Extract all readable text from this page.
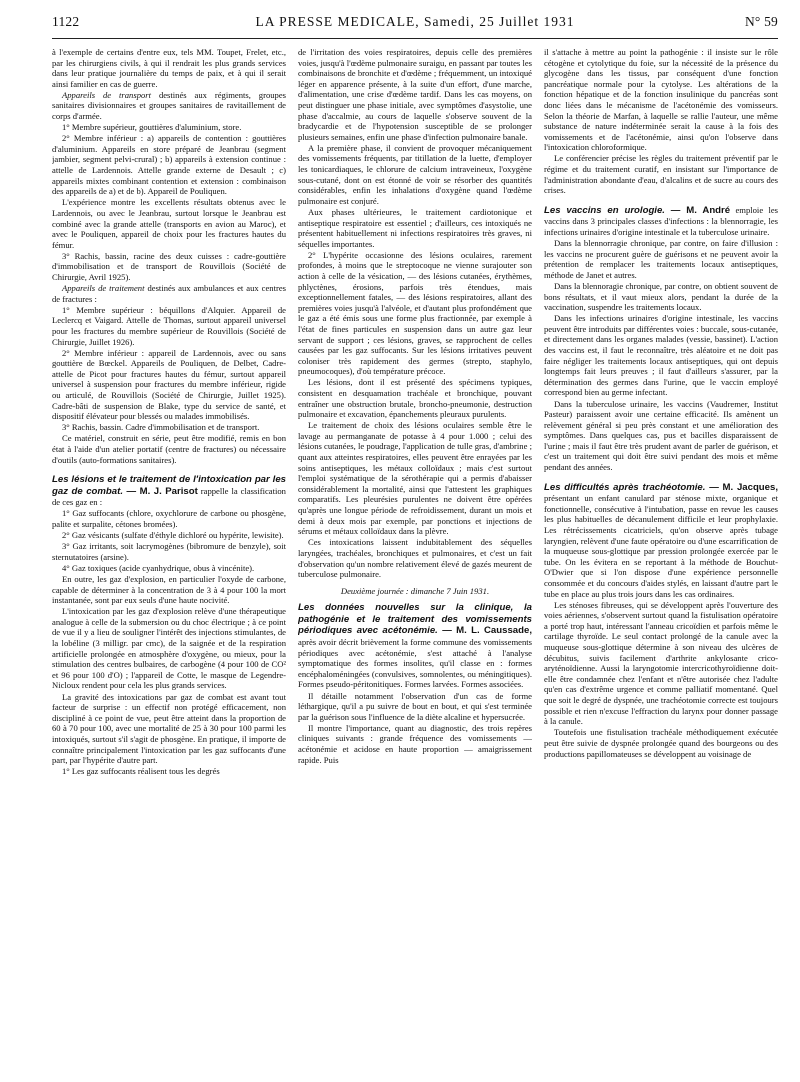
1122	LA PRESSE MEDICALE, Samedi, 25 Juillet 1931	N° 59

à l'exemple de certains d'entre eux, tels MM. Toupet, Frelet, etc., par les chirurgiens civils, à qui il rendrait les plus grands services dans leur pratique journalière du temps de paix, et à qui il serait ainsi familier en cas de guerre.

Appareils de transport destinés aux régiments, groupes sanitaires divisionnaires et groupes sanitaires de ravitaillement de corps d'armée.

1° Membre supérieur, gouttières d'aluminium, store.

2° Membre inférieur : a) appareils de contention : gouttières d'aluminium. Appareils en store préparé de Jeanbrau (segment jambier, segment pelvi-crural) ; b) appareils à extension continue : attelle de Lardennois. Attelle grande externe de Desault ; c) appareils mixtes combinant contention et extension : combinaison des appareils de a) et de b). Appareil de Pouliquen.

L'expérience montre les excellents résultats obtenus avec le Lardennois, ou avec le Jeanbrau, surtout lorsque le Jeanbrau est combiné avec la grande attelle (transports en avion au Maroc), et avec le Pouliquen, appareil de choix pour les fractures hautes du fémur.

3° Rachis, bassin, racine des deux cuisses : cadre-gouttière d'immobilisation et de transport de Rouvillois (Société de Chirurgie, Avril 1925).

Appareils de traitement destinés aux ambulances et aux centres de fractures :

1° Membre supérieur : béquillons d'Alquier. Appareil de Leclercq et Vaigard. Attelle de Thomas, surtout appareil universel pour les fractures du membre supérieur de Rouvillois (Société de Chirurgie, Juillet 1926).

2° Membre inférieur : appareil de Lardennois, avec ou sans gouttière de Bœckel. Appareils de Pouliquen, de Delbet, Cadre-attelle de Picot pour fractures hautes du fémur, surtout appareil universel à suspension pour fractures du membre inférieur, rigide ou articulé, de Rouvillois (Société de Chirurgie, Juillet 1925). Cadre-bâti de suspension de Blake, type du service de santé, et dispositif élévateur pour blessés ou malades immobilisés.

3° Rachis, bassin. Cadre d'immobilisation et de transport.

Ce matériel, construit en série, peut être modifié, remis en bon état à l'aide d'un atelier portatif (centre de fractures) ou nécessaire d'outils (auto-formations sanitaires).

Les lésions et le traitement de l'intoxication par les gaz de combat. — M. J. Parisot rappelle la classification de ces gaz en :

1° Gaz suffocants (chlore, oxychlorure de carbone ou phosgène, palite et surpalite, cétones bromées).

2° Gaz vésicants (sulfate d'éthyle dichloré ou hypérite, lewisite).

3° Gaz irritants, soit lacrymogènes (bibromure de benzyle), soit sternutatoires (arsine).

4° Gaz toxiques (acide cyanhydrique, obus à vincénite).

En outre, les gaz d'explosion, en particulier l'oxyde de carbone, capable de déterminer à la concentration de 3 à 4 pour 100 la mort instantanée, sont par eux seuls d'une haute nocivité.

L'intoxication par les gaz d'explosion relève d'une thérapeutique analogue à celle de la submersion ou du choc électrique ; à ce point de vue il y a lieu de souligner l'intérêt des injections stimulantes, de la lobéline (3 milligr. par cmc), de la saignée et de la respiration artificielle prolongée en atmosphère d'oxygène, ou mieux, pour la stimulation des centres bulbaires, de carbogène (4 pour 100 de CO² et 96 pour 100 d'O) ; l'appareil de Cotte, le masque de Legendre-Nicloux rendent pour cela les plus grands services.

La gravité des intoxications par gaz de combat est avant tout facteur de surprise : un effectif non protégé efficacement, non discipliné à ce point de vue, peut être atteint dans la proportion de 60 à 70 pour 100, avec une mortalité de 25 à 30 pour 100 parmi les intoxiqués, surtout s'il s'agit de phosgène. En pratique, il importe de connaître principalement l'intoxication par les gaz suffocants d'une part, par l'hypérite d'autre part.

1° Les gaz suffocants réalisent tous les degrés

de l'irritation des voies respiratoires, depuis celle des premières voies, jusqu'à l'œdème pulmonaire suraigu, en passant par toutes les combinaisons de bronchite et d'œdème ; fréquemment, un intoxiqué léger en apparence présente, à la suite d'un effort, d'une marche, d'alimentation, une crise d'œdème tardif. Dans les cas moyens, on peut distinguer une phase initiale, avec symptômes d'asystolie, une phase d'accalmie, au cours de laquelle s'observe souvent de la bradycardie et de l'hypotension susceptible de se prolonger plusieurs semaines, enfin une phase d'infection pulmonaire banale.

A la première phase, il convient de provoquer mécaniquement des vomissements fréquents, par titillation de la luette, d'employer les tonicardiaques, le chlorure de calcium intraveineux, l'oxygène sous-cutané, dont on est étonné de voir se résorber des quantités considérables, enfin les inhalations d'oxygène quand l'œdème pulmonaire est conjuré.

Aux phases ultérieures, le traitement cardiotonique et antiseptique respiratoire est essentiel ; d'ailleurs, ces intoxiqués ne présentent habituellement ni infections respiratoires très graves, ni séquelles importantes.

2° L'hypérite occasionne des lésions oculaires, rarement profondes, à moins que le streptocoque ne vienne surajouter son action à celle de la vésication, — des lésions cutanées, érythèmes, phlyctènes, érosions, parfois très étendues, mais exceptionnellement fatales, — des lésions respiratoires, allant des premières voies jusqu'à l'alvéole, et d'autant plus profondément que le gaz a été émis sous une forme plus fractionnée, par exemple à l'état de fines particules en suspension dans un autre gaz leur servant de support ; ces lésions, graves, se rapprochent de celles causées par les gaz suffocants. Sur les lésions irritatives peuvent coloniser très rapidement des germes (strepto, staphylo, pneumocoques), d'où température précoce.

Les lésions, dont il est présenté des spécimens typiques, consistent en desquamation trachéale et bronchique, pouvant entraîner une obstruction brutale, broncho-pneumonie, destruction pulmonaire et excavation, épanchements pleuraux purulents.

Le traitement de choix des lésions oculaires semble être le lavage au permanganate de potasse à 4 pour 1.000 ; celui des lésions cutanées, le poudrage, l'application de tulle gras, d'ambrine ; quant aux atteintes respiratoires, elles peuvent être enrayées par les soins antiseptiques, les métaux colloïdaux ; mais c'est surtout l'emploi systématique de la sérothérapie qui a permis d'abaisser considérablement la mortalité, ainsi que l'attestent les graphiques comparatifs. Les pleurésies purulentes ne doivent être opérées qu'après une longue période de refroidissement, durant un mois et demi à deux mois par exemple, par ponctions et injections de sérums et métaux colloïdaux dans la plèvre.

Ces intoxications laissent indubitablement des séquelles laryngées, trachéales, bronchiques et pulmonaires, et c'est un fait d'observation qu'un nombre relativement élevé de gazés meurent de tuberculose pulmonaire.

Deuxième journée : dimanche 7 Juin 1931.

Les données nouvelles sur la clinique, la pathogénie et le traitement des vomissements périodiques avec acétonémie. — M. L. Caussade, après avoir décrit brièvement la forme commune des vomissements périodiques avec acétonémie, s'est attaché à l'analyse symptomatique des formes insolites, qu'il classe en : formes encéphaloméningées (convulsives, somnolentes, ou méningitiques). Formes pseudo-péritonitiques. Formes larvées. Formes associées.

Il détaille notamment l'observation d'un cas de forme léthargique, qu'il a pu suivre de bout en bout, et qui s'est terminée par la guérison sous l'influence de la diète alcaline et hypersucrée.

Il montre l'importance, quant au diagnostic, des trois repères cliniques suivants : grande fréquence des vomissements — acétonémie et acidose en haute proportion — amaigrissement rapide. Puis

il s'attache à mettre au point la pathogénie : il insiste sur le rôle cétogène et cytolytique du foie, sur la nécessité de la présence du glycogène dans les tissus, par conséquent d'une fonction pancréatique normale pour la cytolyse. Les altérations de la fonction hépatique et de la fonction insulinique du pancréas sont donc liées dans le mécanisme de l'acétonémie des vomisseurs. Selon la théorie de Marfan, à laquelle se rallie l'auteur, une même substance de nature indéterminée serait la cause à la fois des vomissements et de l'acétonémie, ainsi qu'on l'observe dans l'intoxication chloroformique.

Le conférencier précise les règles du traitement préventif par le régime et du traitement curatif, en insistant sur l'importance de l'administration abondante d'eau, d'alcalins et de sucre au cours des crises.

Les vaccins en urologie. — M. André emploie les vaccins dans 3 principales classes d'infections : la blennorragie, les infections urinaires d'origine intestinale et la tuberculose urinaire.

Dans la blennorragie chronique, par contre, on faire d'illusion : les vaccins ne procurent guère de guérisons et ne peuvent avoir la prétention de remplacer les traitements locaux antiseptiques, méthode de Janet et autres.

Dans la blennoragie chronique, par contre, on obtient souvent de bons résultats, et il vaut mieux alors, pendant la durée de la vaccination, suspendre les traitements locaux.

Dans les infections urinaires d'origine intestinale, les vaccins peuvent être introduits par différentes voies : buccale, sous-cutanée, et directement dans les organes malades (vessie, bassinet). L'action des vaccins est, il faut le reconnaître, très aléatoire et ne doit pas faire négliger les traitements locaux antiseptiques, qui ont depuis longtemps fait leurs preuves ; il faut d'ailleurs s'assurer, par la détermination des germes dans l'urine, que le vaccin employé correspond bien au germe infectant.

Dans la tuberculose urinaire, les vaccins (Vaudremer, Institut Pasteur) paraissent avoir une certaine efficacité. Ils amènent un relèvement général si peu près constant et une amélioration des symptômes. Dans quelques cas, pus et bacilles disparaissent de l'urine ; mais il faut être très prudent avant de parler de guérison, et c'est un traitement qui doit être suivi pendant des mois et même pendant des années.

Les difficultés après trachéotomie. — M. Jacques, présentant un enfant canulard par sténose mixte, organique et fonctionnelle, consécutive à l'intubation, passe en revue les causes les plus habituelles de décanulement difficile et leur prophylaxie. Les rétrécissements cicatriciels, qu'on observe après tubage laryngien, relèvent d'une faute opératoire ou d'une escarrification de la muqueuse sous-glottique par pression prolongée exercée par le tube. On les évitera en se reportant à la méthode de Bouchut-O'Dwier que si l'on dispose d'une expérience personnelle consommée et du concours d'aides stylés, en laissant d'autre part le tube en place au plus trois jours dans les cas ordinaires.

Les sténoses fibreuses, qui se développent après l'ouverture des voies aériennes, s'observent surtout quand la fistulisation opératoire a porté trop haut, intéressant l'anneau cricoïdien et parfois même le cartilage thyroïde. Le seul contact prolongé de la canule avec la muqueuse sous-glottique détermine à son niveau des ulcères de décubitus, suivis facilement d'arthrite ankylosante crico-aryténoïdienne. Aussi la laryngotomie intercricothyroïdienne doit-elle être condamnée chez l'enfant et n'être autorisée chez l'adulte qu'en cas d'extrême urgence et comme palliatif momentané. Quel que soit le degré de dyspnée, une trachéotomie correcte est toujours possible et rien n'excuse l'effraction du larynx pour donner passage à la canule.

Toutefois une fistulisation trachéale méthodiquement exécutée peut être suivie de dyspnée prolongée quand des bourgeons ou des productions papillomateuses se développent au voisinage de
